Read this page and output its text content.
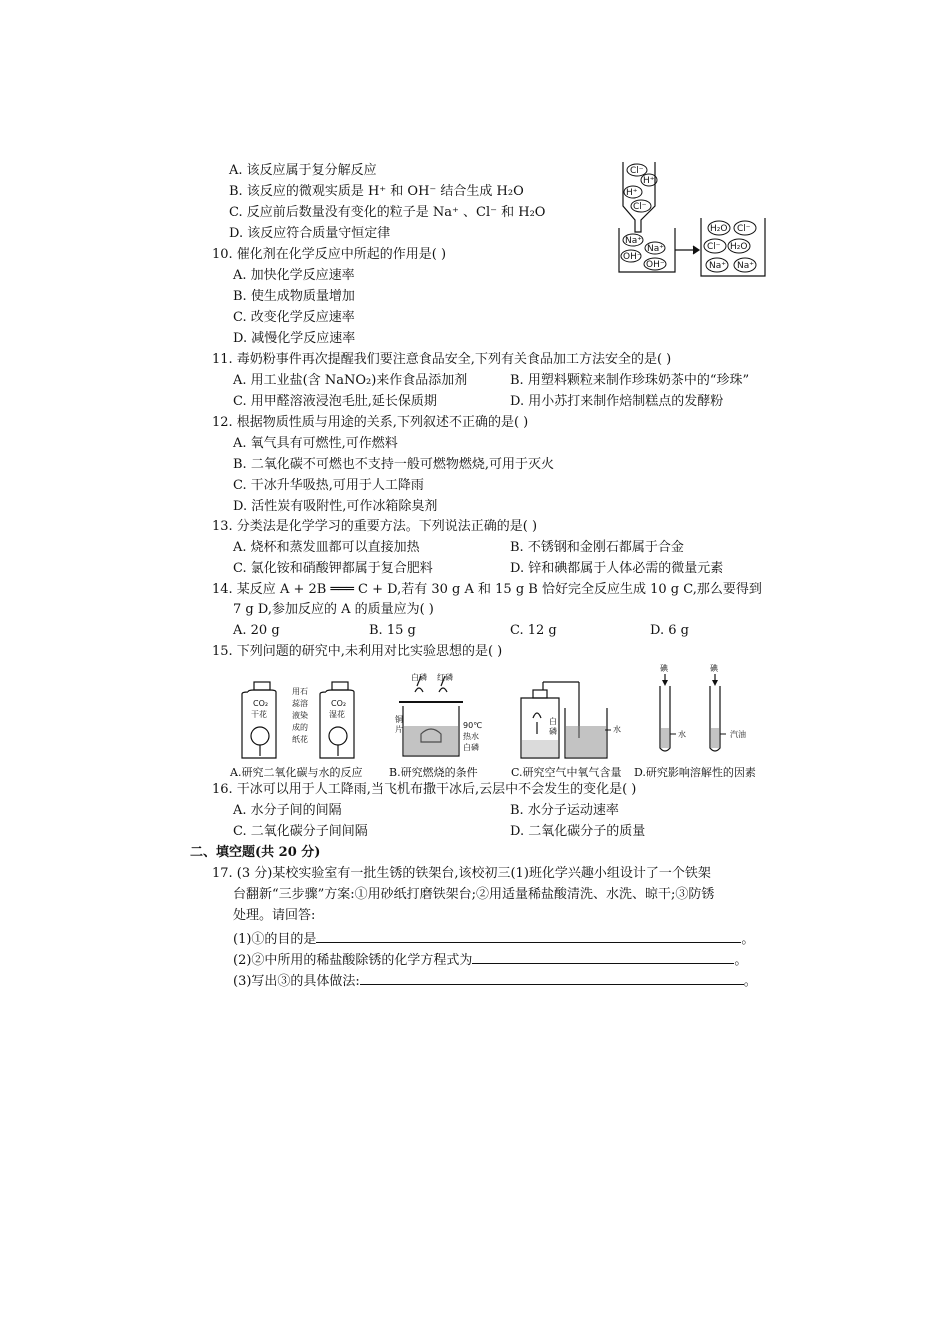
A. 该反应属于复分解反应
B. 该反应的微观实质是 H⁺ 和 OH⁻ 结合生成 H₂O
C. 反应前后数量没有变化的粒子是 Na⁺ 、Cl⁻ 和 H₂O
D. 该反应符合质量守恒定律
Cl⁻
H⁺
H⁺
Cl⁻
Na⁺
Na⁺
OH⁻
OH⁻
H₂O Cl⁻
Cl⁻ H₂O
Na⁺ Na⁺
10. 催化剂在化学反应中所起的作用是( )
A. 加快化学反应速率
B. 使生成物质量增加
C. 改变化学反应速率
D. 减慢化学反应速率
11. 毒奶粉事件再次提醒我们要注意食品安全,下列有关食品加工方法安全的是( )
A. 用工业盐(含 NaNO₂)来作食品添加剂	B. 用塑料颗粒来制作珍珠奶茶中的“珍珠”
C. 用甲醛溶液浸泡毛肚,延长保质期	D. 用小苏打来制作焙制糕点的发酵粉
12. 根据物质性质与用途的关系,下列叙述不正确的是( )
A. 氧气具有可燃性,可作燃料
B. 二氧化碳不可燃也不支持一般可燃物燃烧,可用于灭火
C. 干冰升华吸热,可用于人工降雨
D. 活性炭有吸附性,可作冰箱除臭剂
13. 分类法是化学学习的重要方法。下列说法正确的是( )
A. 烧杯和蒸发皿都可以直接加热	B. 不锈钢和金刚石都属于合金
C. 氯化铵和硝酸钾都属于复合肥料	D. 锌和碘都属于人体必需的微量元素
14. 某反应 A + 2B ═══ C + D,若有 30 g A 和 15 g B 恰好完全反应生成 10 g C,那么要得到
7 g D,参加反应的 A 的质量应为( )
A. 20 g	B. 15 g	C. 12 g	D. 6 g
15. 下列问题的研究中,未利用对比实验思想的是( )
CO₂
干花
CO₂
湿花
用石
蕊溶
液染
成的
纸花
A.研究二氧化碳与水的反应
白磷 红磷
铜
片	90℃
热水
白磷
B.研究燃烧的条件
白
磷	水
C.研究空气中氧气含量
碘	碘
水	汽油
D.研究影响溶解性的因素
16. 干冰可以用于人工降雨,当飞机布撒干冰后,云层中不会发生的变化是( )
A. 水分子间的间隔	B. 水分子运动速率
C. 二氧化碳分子间间隔	D. 二氧化碳分子的质量
二、填空题(共 20 分)
17. (3 分)某校实验室有一批生锈的铁架台,该校初三(1)班化学兴趣小组设计了一个铁架
台翻新“三步骤”方案:①用砂纸打磨铁架台;②用适量稀盐酸清洗、水洗、晾干;③防锈
处理。请回答:
(1)①的目的是	。
(2)②中所用的稀盐酸除锈的化学方程式为	。
(3)写出③的具体做法:	。
